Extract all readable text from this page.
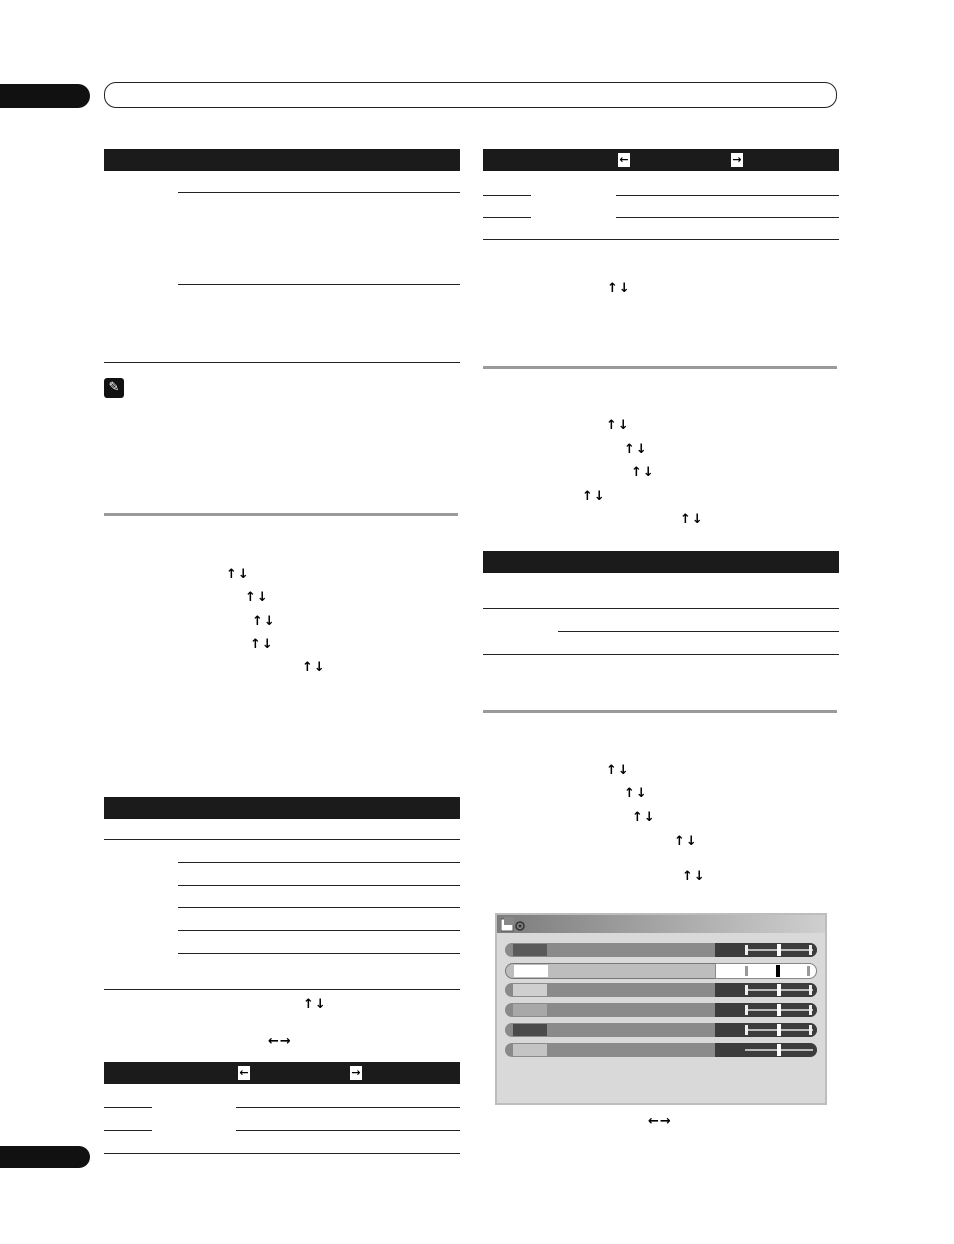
✎
↑↓
↑↓
↑↓
↑↓
↑↓
↑↓
←→
←	→
←	→
↑↓
↑↓
↑↓
↑↓
↑↓
↑↓
↑↓
↑↓
↑↓
↑↓
↑↓
←→
